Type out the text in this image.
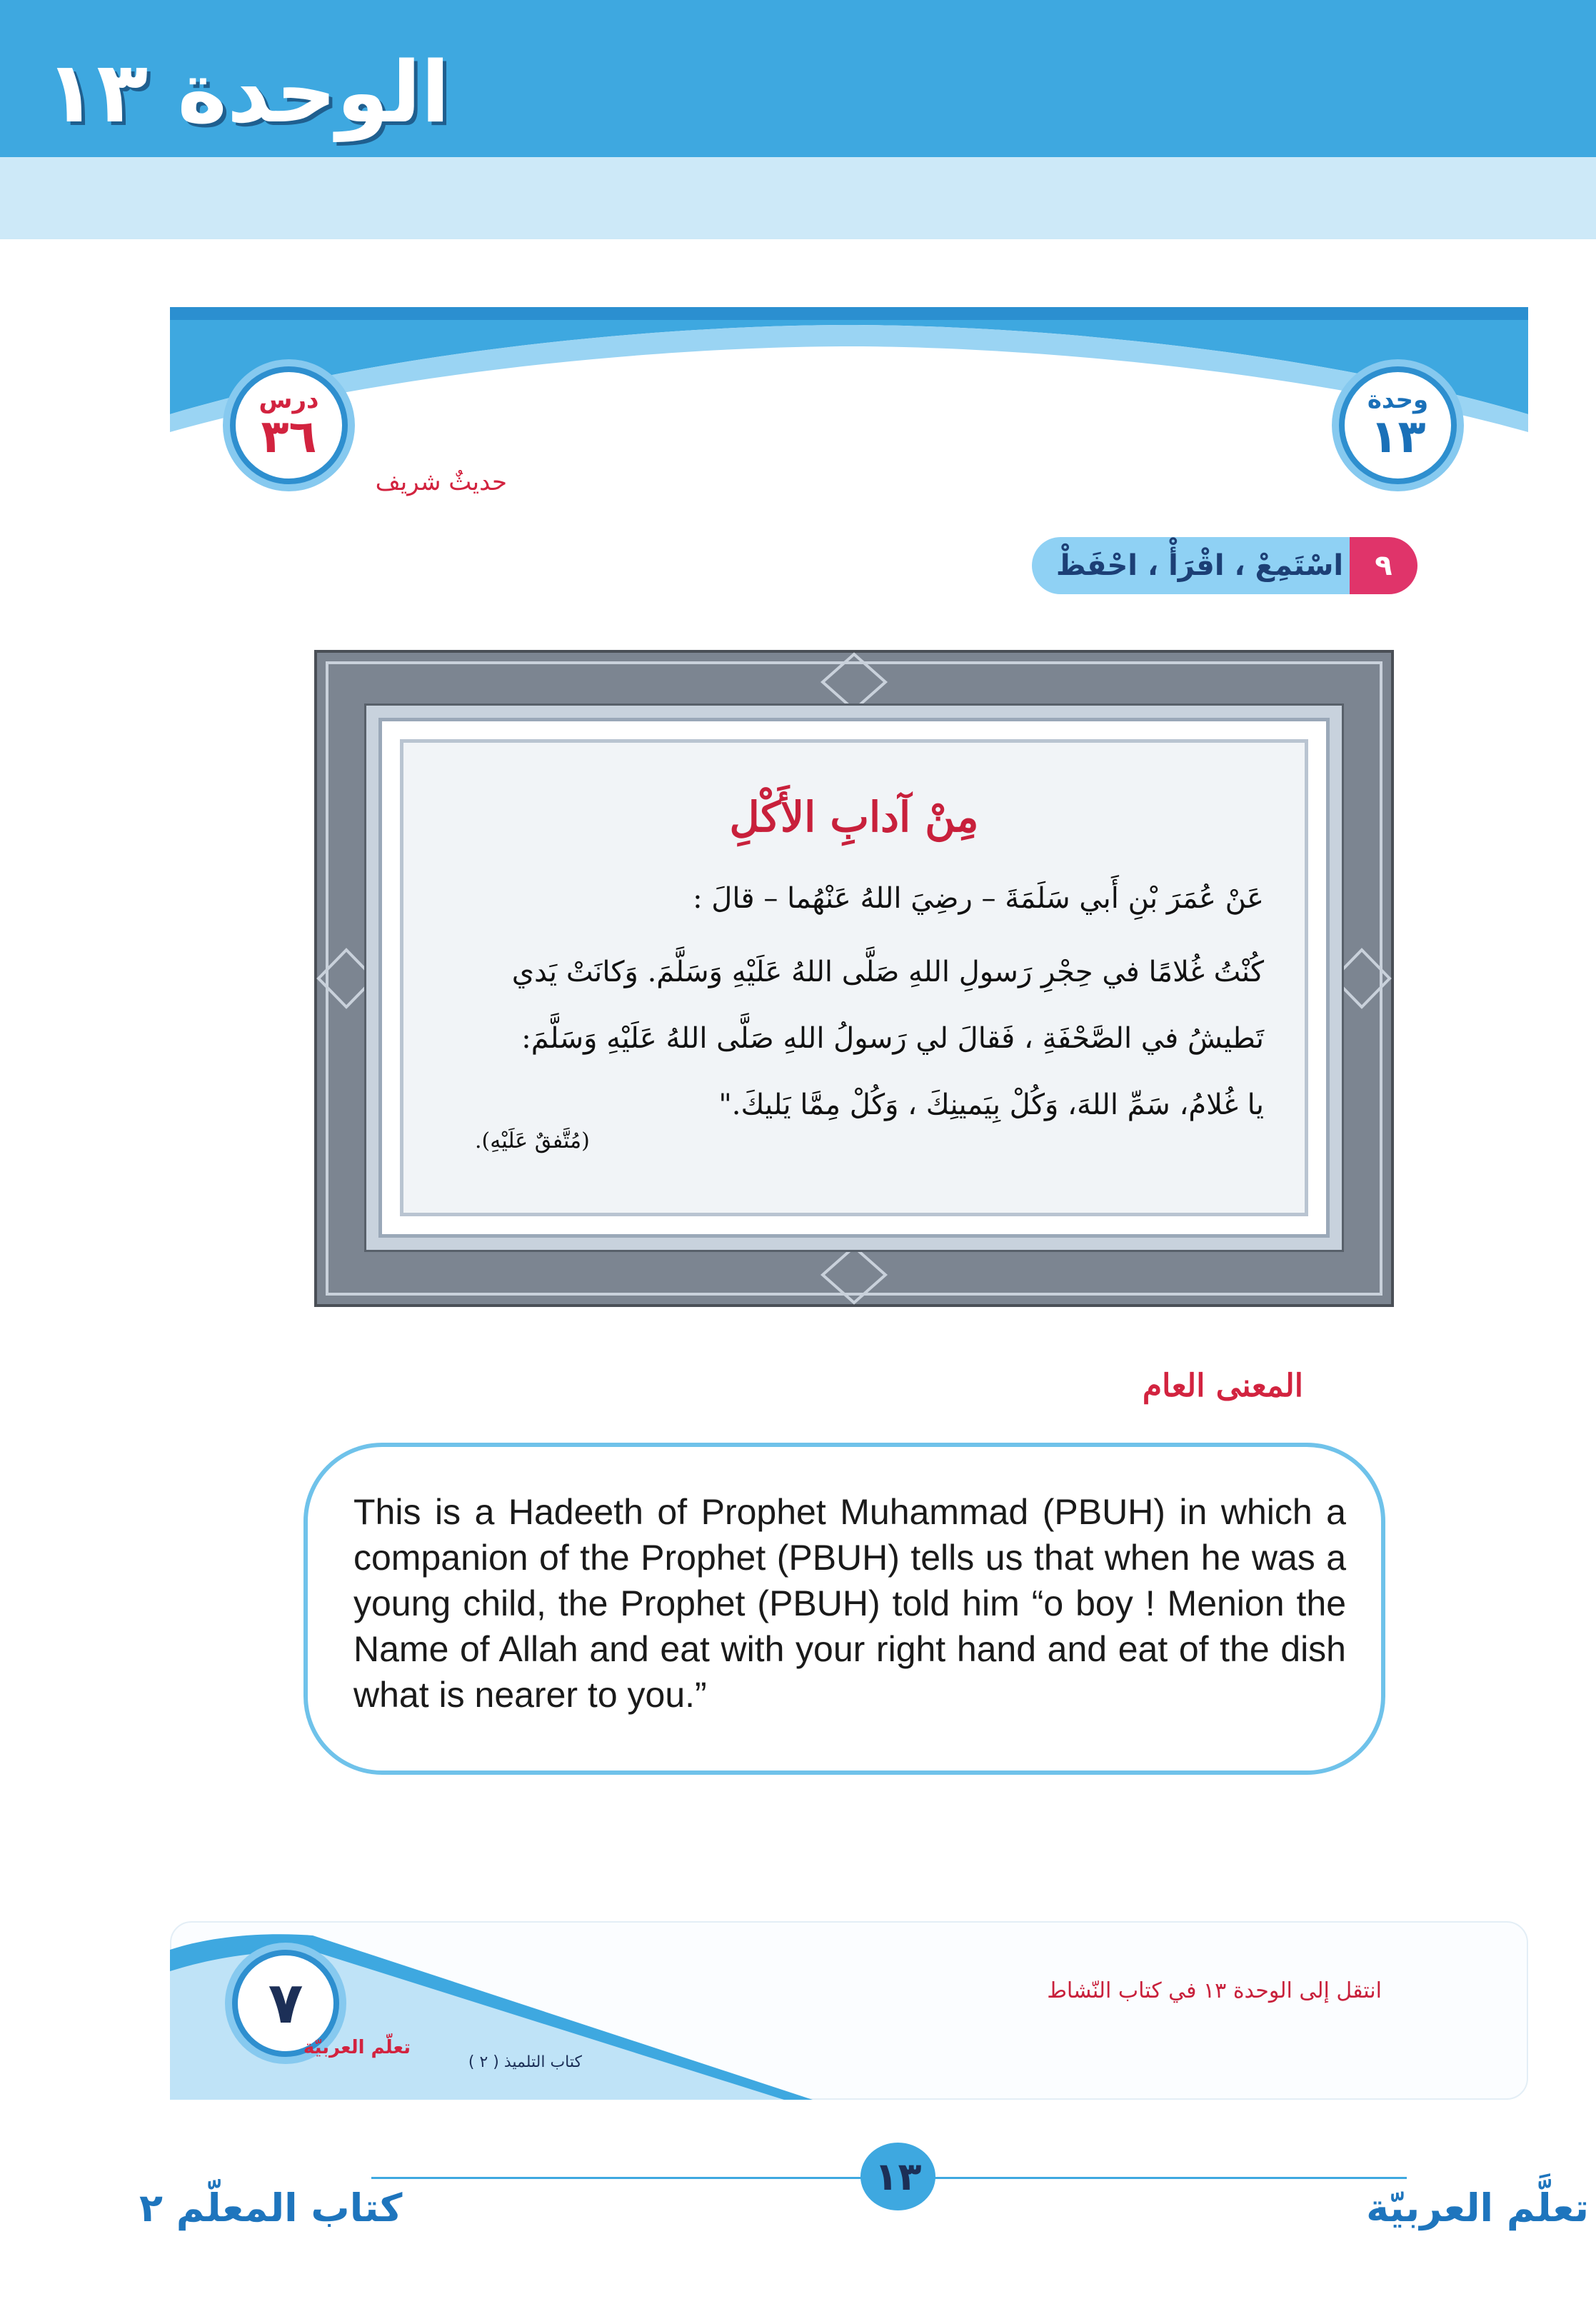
الوحدة ١٣
درس
٣٦
وحدة
١٣
حديثٌ شريف
اسْتَمِعْ ، اقْرَأْ ، احْفَظْ	٩
مِنْ آدابِ الأَكْلِ
عَنْ عُمَرَ بْنِ أَبي سَلَمَةَ – رضِيَ اللهُ عَنْهُما – قالَ :
كُنْتُ غُلامًا في حِجْرِ رَسولِ اللهِ صَلَّى اللهُ عَلَيْهِ وَسَلَّمَ. وَكانَتْ يَدي
تَطيشُ في الصَّحْفَةِ ، فَقالَ لي رَسولُ اللهِ صَلَّى اللهُ عَلَيْهِ وَسَلَّمَ:
يا غُلامُ، سَمِّ اللهَ، وَكُلْ بِيَمينِكَ ، وَكُلْ مِمَّا يَليكَ."
(مُتَّفقٌ عَلَيْهِ).
المعنى العام
This is a Hadeeth of Prophet Muhammad (PBUH) in which a companion of the Prophet (PBUH) tells us that when he was a young child, the Prophet (PBUH) told him “o boy ! Menion the Name of Allah and eat with your right hand and eat of the dish what is nearer to you.”
٧
تعلّم العربيّة
كتاب التلميذ ( ٢ )
انتقل إلى الوحدة ١٣ في كتاب النّشاط
١٣
تعلَّم العربيّة
كتاب المعلّم ٢
